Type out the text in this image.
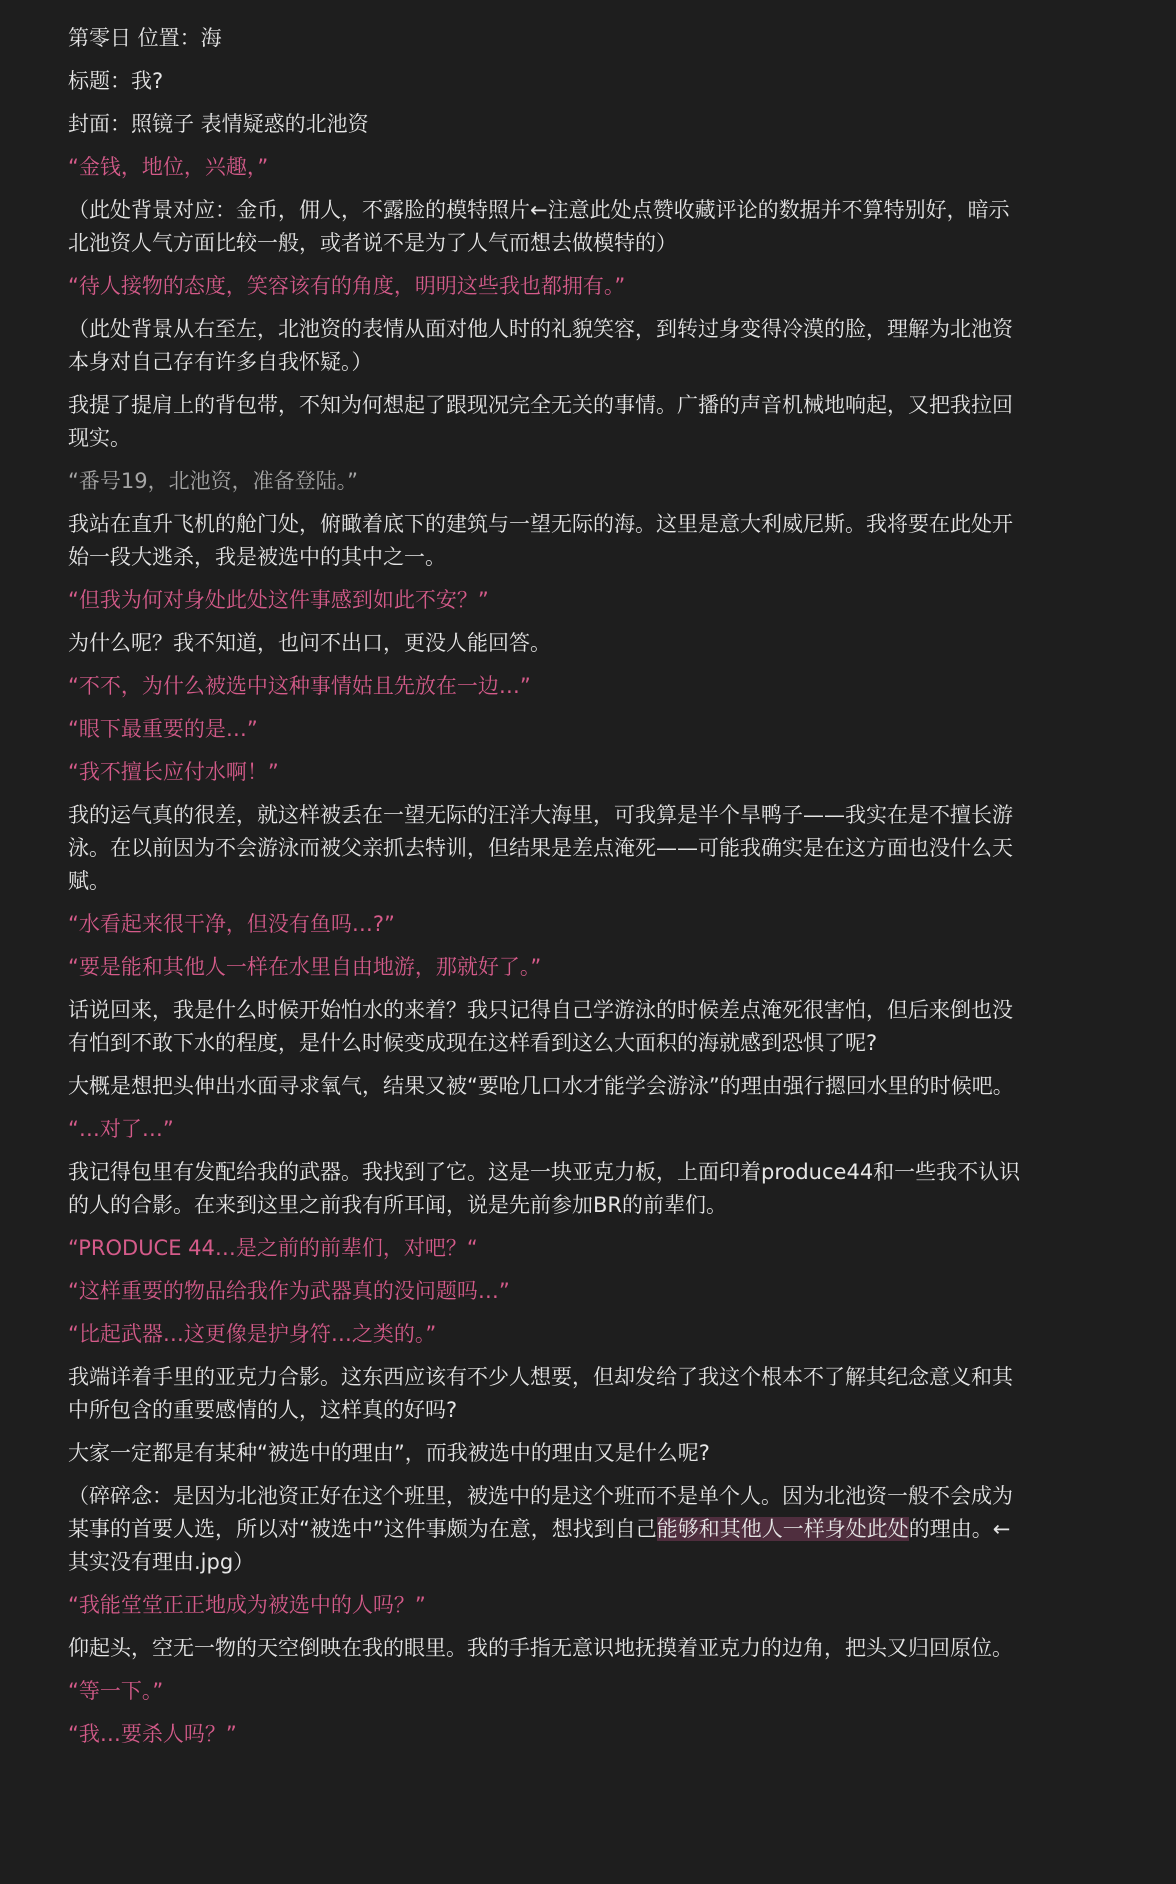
第零日 位置：海

标题：我?

封面：照镜子 表情疑惑的北池资

“金钱，地位，兴趣，”

（此处背景对应：金币，佣人，不露脸的模特照片←注意此处点赞收藏评论的数据并不算特别好，暗示北池资人气方面比较一般，或者说不是为了人气而想去做模特的）

“待人接物的态度，笑容该有的角度，明明这些我也都拥有。”

（此处背景从右至左，北池资的表情从面对他人时的礼貌笑容，到转过身变得冷漠的脸，理解为北池资本身对自己存有许多自我怀疑。）

我提了提肩上的背包带，不知为何想起了跟现况完全无关的事情。广播的声音机械地响起，又把我拉回现实。

“番号19，北池资，准备登陆。”

我站在直升飞机的舱门处，俯瞰着底下的建筑与一望无际的海。这里是意大利威尼斯。我将要在此处开始一段大逃杀，我是被选中的其中之一。

“但我为何对身处此处这件事感到如此不安？”

为什么呢？我不知道，也问不出口，更没人能回答。

“不不，为什么被选中这种事情姑且先放在一边…”

“眼下最重要的是…”

“我不擅长应付水啊！”

我的运气真的很差，就这样被丢在一望无际的汪洋大海里，可我算是半个旱鸭子——我实在是不擅长游泳。在以前因为不会游泳而被父亲抓去特训，但结果是差点淹死——可能我确实是在这方面也没什么天赋。

“水看起来很干净，但没有鱼吗…?”

“要是能和其他人一样在水里自由地游，那就好了。”

话说回来，我是什么时候开始怕水的来着？我只记得自己学游泳的时候差点淹死很害怕，但后来倒也没有怕到不敢下水的程度，是什么时候变成现在这样看到这么大面积的海就感到恐惧了呢?

大概是想把头伸出水面寻求氧气，结果又被“要呛几口水才能学会游泳”的理由强行摁回水里的时候吧。

“…对了…”

我记得包里有发配给我的武器。我找到了它。这是一块亚克力板，上面印着produce44和一些我不认识的人的合影。在来到这里之前我有所耳闻，说是先前参加BR的前辈们。

“PRODUCE 44…是之前的前辈们，对吧？“

“这样重要的物品给我作为武器真的没问题吗…”

“比起武器…这更像是护身符…之类的。”

我端详着手里的亚克力合影。这东西应该有不少人想要，但却发给了我这个根本不了解其纪念意义和其中所包含的重要感情的人，这样真的好吗?

大家一定都是有某种“被选中的理由”，而我被选中的理由又是什么呢?

（碎碎念：是因为北池资正好在这个班里，被选中的是这个班而不是单个人。因为北池资一般不会成为某事的首要人选，所以对“被选中”这件事颇为在意，想找到自己能够和其他人一样身处此处的理由。←其实没有理由.jpg）

“我能堂堂正正地成为被选中的人吗？”

仰起头，空无一物的天空倒映在我的眼里。我的手指无意识地抚摸着亚克力的边角，把头又归回原位。

“等一下。”

“我…要杀人吗？”
